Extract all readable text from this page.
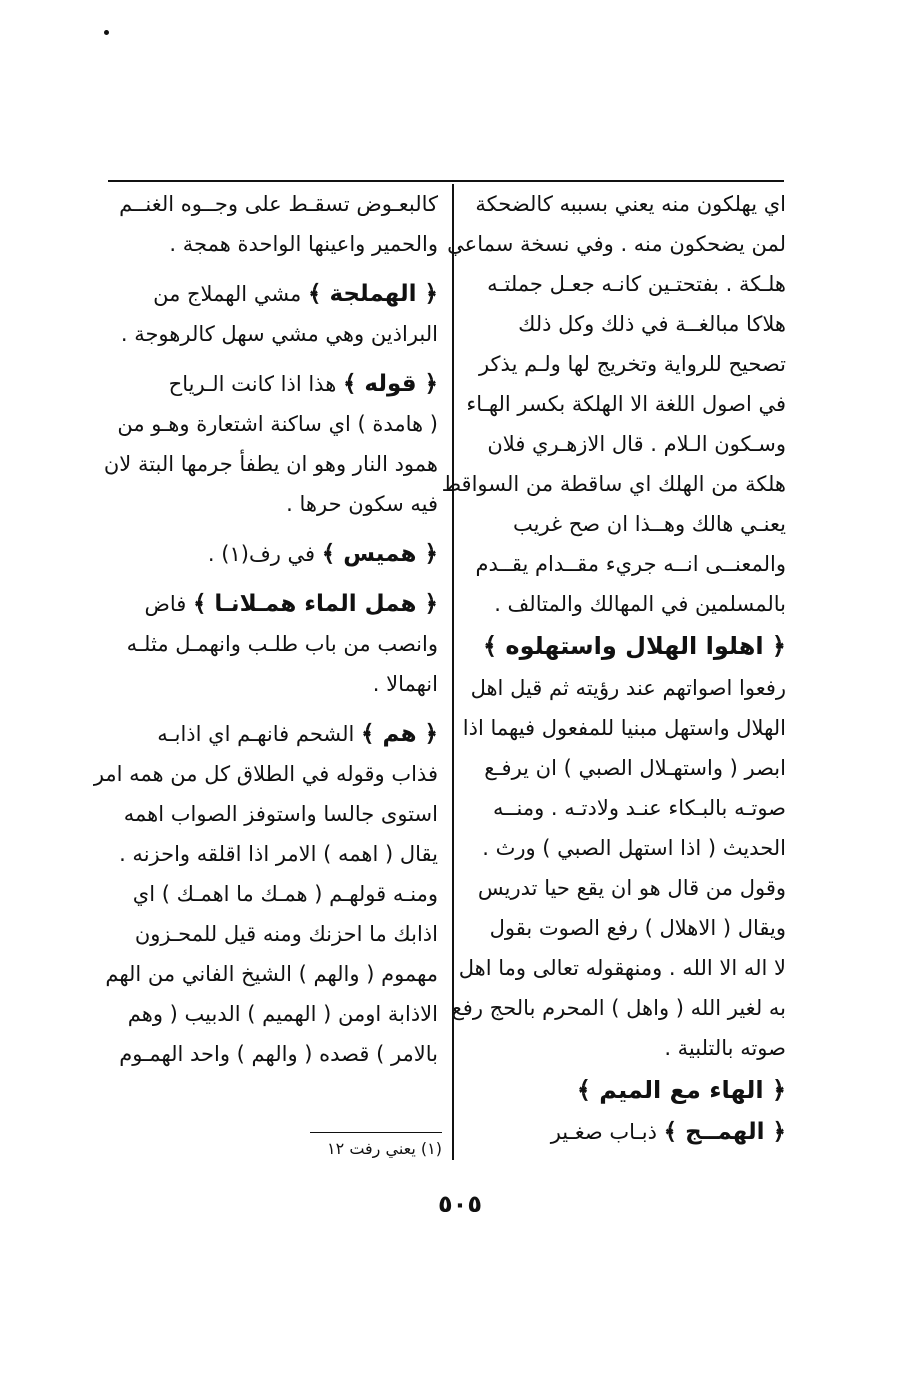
اي يهلكون منه يعني بسببه كالضحكة
لمن يضحكون منه . وفي نسخة سماعي
هلـكة . بفتحتـين كانـه جعـل جملتـه
هلاكا مبالغــة في ذلك وكل ذلك
تصحيح للرواية وتخريج لها ولـم يذكر
في اصول اللغة الا الهلكة بكسر الهـاء
وسـكون الـلام . قال الازهـري فلان
هلكة من الهلك اي ساقطة من السواقط
يعنـي هالك وهــذا ان صح غريب
والمعنــى انــه جريء مقــدام يقــدم
بالمسلمين في المهالك والمتالف .
﴿ اهلوا الهلال واستهلوه ﴾
رفعوا اصواتهم عند رؤيته ثم قيل اهل
الهلال واستهل مبنيا للمفعول فيهما اذا
ابصر ( واستهـلال الصبي ) ان يرفـع
صوتـه بالبـكاء عنـد ولادتـه . ومنــه
الحديث ( اذا استهل الصبي ) ورث .
وقول من قال هو ان يقع حيا تدريس
ويقال ( الاهلال ) رفع الصوت بقول
لا اله الا الله . ومنهقوله تعالى وما اهل
به لغير الله ( واهل ) المحرم بالحج رفع
صوته بالتلبية .
﴿ الهاء مع الميم ﴾
﴿ الهمــج ﴾ ذبـاب صغـير
كالبعـوض تسقـط على وجــوه الغنــم
والحمير واعينها الواحدة همجة .
﴿ الهملجة ﴾ مشي الهملاج من
البراذين وهي مشي سهل كالرهوجة .
﴿ قوله ﴾ هذا اذا كانت الـرياح
( هامدة ) اي ساكنة اشتعارة وهـو من
همود النار وهو ان يطفأ جرمها البتة لان
فيه سكون حرها .
﴿ هميس ﴾ في رف(١) .
﴿ همل الماء همـلانـا ﴾ فاض
وانصب من باب طلـب وانهمـل مثلـه
انهمالا .
﴿ هم ﴾ الشحم فانهـم اي اذابـه
فذاب وقوله في الطلاق كل من همه امر
استوى جالسا واستوفز الصواب اهمه
يقال ( اهمه ) الامر اذا اقلقه واحزنه .
ومنـه قولهـم ( همـك ما اهمـك ) اي
اذابك ما احزنك ومنه قيل للمحـزون
مهموم ( والهم ) الشيخ الفاني من الهم
الاذابة اومن ( الهميم ) الدبيب ( وهم
بالامر ) قصده ( والهم ) واحد الهمـوم
(١) يعني رفت ١٢
٥٠٥
